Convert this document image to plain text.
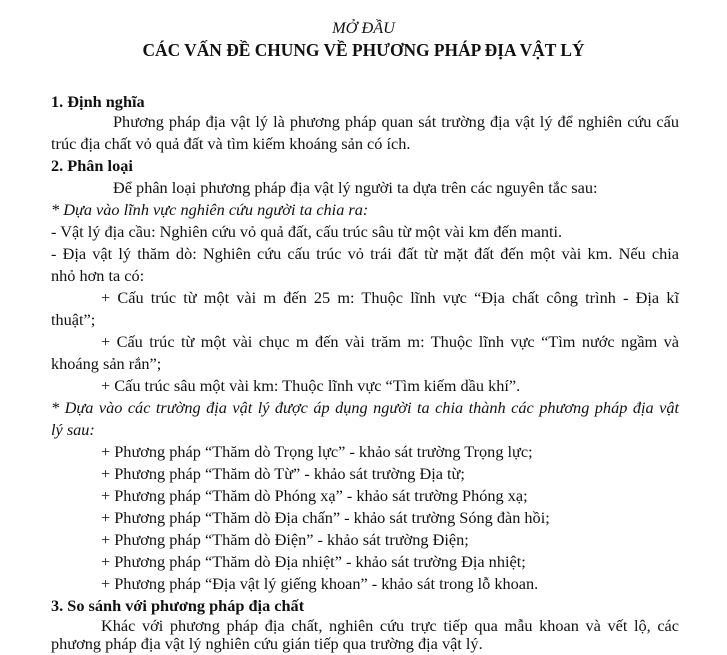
MỞ ĐẦU
CÁC VẤN ĐỀ CHUNG VỀ PHƯƠNG PHÁP ĐỊA VẬT LÝ
1. Định nghĩa
Phương pháp địa vật lý là phương pháp quan sát trường địa vật lý để nghiên cứu cấu
trúc địa chất vỏ quả đất và tìm kiếm khoáng sản có ích.
2. Phân loại
Để phân loại phương pháp địa vật lý người ta dựa trên các nguyên tắc sau:
* Dựa vào lĩnh vực nghiên cứu người ta chia ra:
- Vật lý địa cầu: Nghiên cứu vỏ quả đất, cấu trúc sâu từ một vài km đến manti.
- Địa vật lý thăm dò: Nghiên cứu cấu trúc vỏ trái đất từ mặt đất đến một vài km. Nếu chia
nhỏ hơn ta có:
+ Cấu trúc từ một vài m đến 25 m: Thuộc lĩnh vực “Địa chất công trình - Địa kĩ
thuật”;
+ Cấu trúc từ một vài chục m đến vài trăm m: Thuộc lĩnh vực “Tìm nước ngầm và
khoáng sản rắn”;
+ Cấu trúc sâu một vài km: Thuộc lĩnh vực “Tìm kiếm dầu khí”.
* Dựa vào các trường địa vật lý được áp dụng người ta chia thành các phương pháp địa vật
lý sau:
+ Phương pháp “Thăm dò Trọng lực” - khảo sát trường Trọng lực;
+ Phương pháp “Thăm dò Từ” - khảo sát trường Địa từ;
+ Phương pháp “Thăm dò Phóng xạ” - khảo sát trường Phóng xạ;
+ Phương pháp “Thăm dò Địa chấn” - khảo sát trường Sóng đàn hồi;
+ Phương pháp “Thăm dò Điện” - khảo sát trường Điện;
+ Phương pháp “Thăm dò Địa nhiệt” - khảo sát trường Địa nhiệt;
+ Phương pháp “Địa vật lý giếng khoan” - khảo sát trong lỗ khoan.
3. So sánh với phương pháp địa chất
Khác với phương pháp địa chất, nghiên cứu trực tiếp qua mẫu khoan và vết lộ, các
phương pháp địa vật lý nghiên cứu gián tiếp qua trường địa vật lý.
